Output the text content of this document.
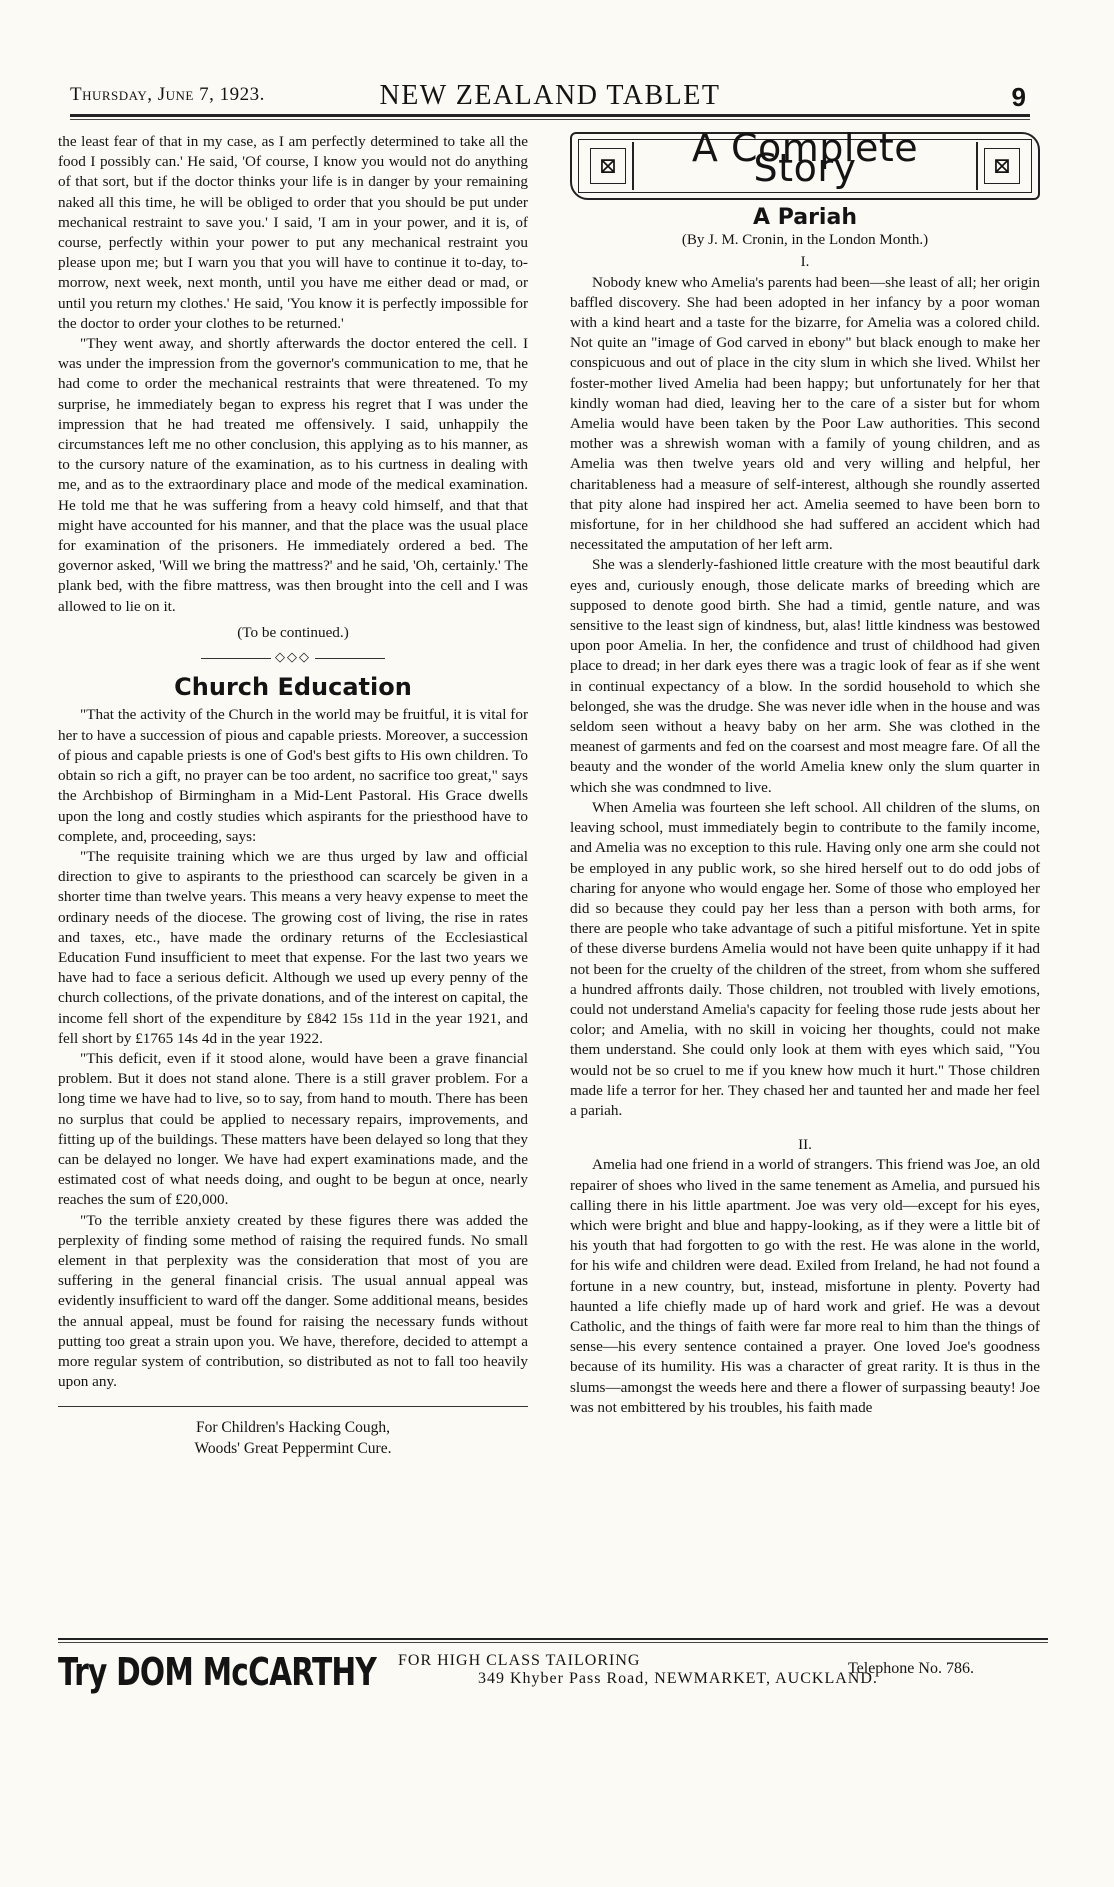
Thursday, June 7, 1923.	NEW ZEALAND TABLET	9

the least fear of that in my case, as I am perfectly determined to take all the food I possibly can.' He said, 'Of course, I know you would not do anything of that sort, but if the doctor thinks your life is in danger by your remaining naked all this time, he will be obliged to order that you should be put under mechanical restraint to save you.' I said, 'I am in your power, and it is, of course, perfectly within your power to put any mechanical restraint you please upon me; but I warn you that you will have to continue it to-day, to-morrow, next week, next month, until you have me either dead or mad, or until you return my clothes.' He said, 'You know it is perfectly impossible for the doctor to order your clothes to be returned.'

"They went away, and shortly afterwards the doctor entered the cell. I was under the impression from the governor's communication to me, that he had come to order the mechanical restraints that were threatened. To my surprise, he immediately began to express his regret that I was under the impression that he had treated me offensively. I said, unhappily the circumstances left me no other conclusion, this applying as to his manner, as to the cursory nature of the examination, as to his curtness in dealing with me, and as to the extraordinary place and mode of the medical examination. He told me that he was suffering from a heavy cold himself, and that that might have accounted for his manner, and that the place was the usual place for examination of the prisoners. He immediately ordered a bed. The governor asked, 'Will we bring the mattress?' and he said, 'Oh, certainly.' The plank bed, with the fibre mattress, was then brought into the cell and I was allowed to lie on it.

(To be continued.)

◇◇◇
Church Education

"That the activity of the Church in the world may be fruitful, it is vital for her to have a succession of pious and capable priests. Moreover, a succession of pious and capable priests is one of God's best gifts to His own children. To obtain so rich a gift, no prayer can be too ardent, no sacrifice too great," says the Archbishop of Birmingham in a Mid-Lent Pastoral. His Grace dwells upon the long and costly studies which aspirants for the priesthood have to complete, and, proceeding, says:

"The requisite training which we are thus urged by law and official direction to give to aspirants to the priesthood can scarcely be given in a shorter time than twelve years. This means a very heavy expense to meet the ordinary needs of the diocese. The growing cost of living, the rise in rates and taxes, etc., have made the ordinary returns of the Ecclesiastical Education Fund insufficient to meet that expense. For the last two years we have had to face a serious deficit. Although we used up every penny of the church collections, of the private donations, and of the interest on capital, the income fell short of the expenditure by £842 15s 11d in the year 1921, and fell short by £1765 14s 4d in the year 1922.

"This deficit, even if it stood alone, would have been a grave financial problem. But it does not stand alone. There is a still graver problem. For a long time we have had to live, so to say, from hand to mouth. There has been no surplus that could be applied to necessary repairs, improvements, and fitting up of the buildings. These matters have been delayed so long that they can be delayed no longer. We have had expert examinations made, and the estimated cost of what needs doing, and ought to be begun at once, nearly reaches the sum of £20,000.

"To the terrible anxiety created by these figures there was added the perplexity of finding some method of raising the required funds. No small element in that perplexity was the consideration that most of you are suffering in the general financial crisis. The usual annual appeal was evidently insufficient to ward off the danger. Some additional means, besides the annual appeal, must be found for raising the necessary funds without putting too great a strain upon you. We have, therefore, decided to attempt a more regular system of contribution, so distributed as not to fall too heavily upon any.

For Children's Hacking Cough,
Woods' Great Peppermint Cure.
⊠	A Complete Story	⊠
A Pariah
(By J. M. Cronin, in the London Month.)
I.

Nobody knew who Amelia's parents had been—she least of all; her origin baffled discovery. She had been adopted in her infancy by a poor woman with a kind heart and a taste for the bizarre, for Amelia was a colored child. Not quite an "image of God carved in ebony" but black enough to make her conspicuous and out of place in the city slum in which she lived. Whilst her foster-mother lived Amelia had been happy; but unfortunately for her that kindly woman had died, leaving her to the care of a sister but for whom Amelia would have been taken by the Poor Law authorities. This second mother was a shrewish woman with a family of young children, and as Amelia was then twelve years old and very willing and helpful, her charitableness had a measure of self-interest, although she roundly asserted that pity alone had inspired her act. Amelia seemed to have been born to misfortune, for in her childhood she had suffered an accident which had necessitated the amputation of her left arm.

She was a slenderly-fashioned little creature with the most beautiful dark eyes and, curiously enough, those delicate marks of breeding which are supposed to denote good birth. She had a timid, gentle nature, and was sensitive to the least sign of kindness, but, alas! little kindness was bestowed upon poor Amelia. In her, the confidence and trust of childhood had given place to dread; in her dark eyes there was a tragic look of fear as if she went in continual expectancy of a blow. In the sordid household to which she belonged, she was the drudge. She was never idle when in the house and was seldom seen without a heavy baby on her arm. She was clothed in the meanest of garments and fed on the coarsest and most meagre fare. Of all the beauty and the wonder of the world Amelia knew only the slum quarter in which she was condmned to live.

When Amelia was fourteen she left school. All children of the slums, on leaving school, must immediately begin to contribute to the family income, and Amelia was no exception to this rule. Having only one arm she could not be employed in any public work, so she hired herself out to do odd jobs of charing for anyone who would engage her. Some of those who employed her did so because they could pay her less than a person with both arms, for there are people who take advantage of such a pitiful misfortune. Yet in spite of these diverse burdens Amelia would not have been quite unhappy if it had not been for the cruelty of the children of the street, from whom she suffered a hundred affronts daily. Those children, not troubled with lively emotions, could not understand Amelia's capacity for feeling those rude jests about her color; and Amelia, with no skill in voicing her thoughts, could not make them understand. She could only look at them with eyes which said, "You would not be so cruel to me if you knew how much it hurt." Those children made life a terror for her. They chased her and taunted her and made her feel a pariah.

II.

Amelia had one friend in a world of strangers. This friend was Joe, an old repairer of shoes who lived in the same tenement as Amelia, and pursued his calling there in his little apartment. Joe was very old—except for his eyes, which were bright and blue and happy-looking, as if they were a little bit of his youth that had forgotten to go with the rest. He was alone in the world, for his wife and children were dead. Exiled from Ireland, he had not found a fortune in a new country, but, instead, misfortune in plenty. Poverty had haunted a life chiefly made up of hard work and grief. He was a devout Catholic, and the things of faith were far more real to him than the things of sense—his every sentence contained a prayer. One loved Joe's goodness because of its humility. His was a character of great rarity. It is thus in the slums—amongst the weeds here and there a flower of surpassing beauty! Joe was not embittered by his troubles, his faith made

Try DOM McCARTHY FOR HIGH CLASS TAILORING
349 Khyber Pass Road, NEWMARKET, AUCKLAND.
Telephone No. 786.
